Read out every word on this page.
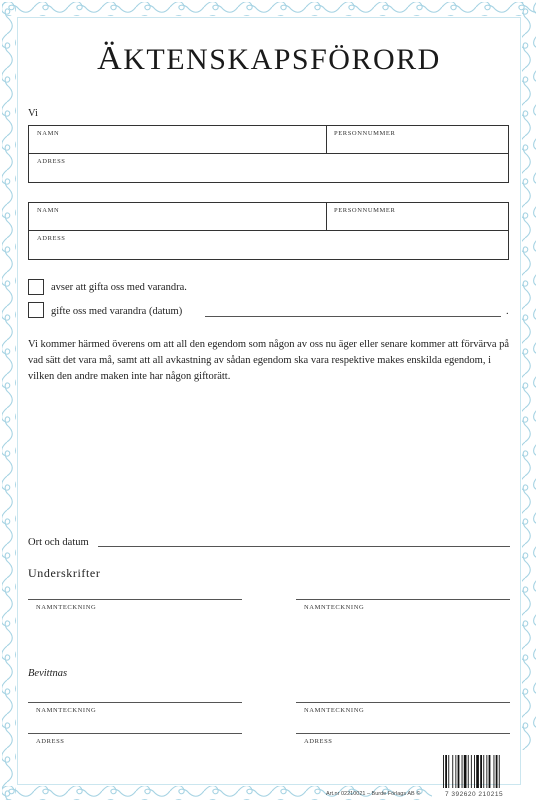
ÄKTENSKAPSFÖRORD
Vi
NAMN	PERSONNUMMER
ADRESS
NAMN	PERSONNUMMER
ADRESS
avser att gifta oss med varandra.
gifte oss med varandra (datum)	.
Vi kommer härmed överens om att all den egendom som någon av oss nu äger eller senare kommer att förvärva på vad sätt det vara må, samt att all avkastning av sådan egendom ska vara respektive makes enskilda egendom, i vilken den andre maken inte har någon giftorätt.
Ort och datum
Underskrifter
NAMNTECKNING	NAMNTECKNING
Bevittnas
NAMNTECKNING	NAMNTECKNING
ADRESS	ADRESS
Art.nr 02210021 – Burde Förlags AB ©	7 392620 210215
